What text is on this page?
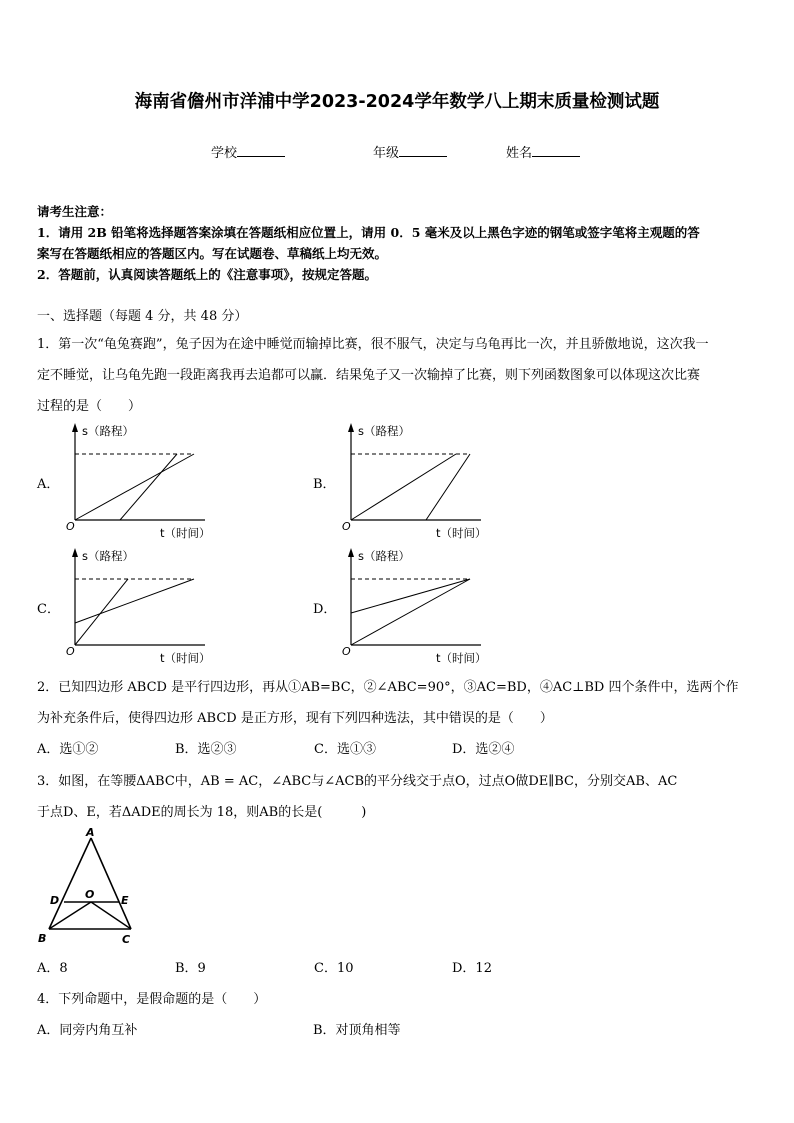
海南省儋州市洋浦中学2023-2024学年数学八上期末质量检测试题
学校	年级	姓名
请考生注意：
1．请用 2B 铅笔将选择题答案涂填在答题纸相应位置上，请用 0．5 毫米及以上黑色字迹的钢笔或签字笔将主观题的答
案写在答题纸相应的答题区内。写在试题卷、草稿纸上均无效。
2．答题前，认真阅读答题纸上的《注意事项》，按规定答题。
一、选择题（每题 4 分，共 48 分）
1．第一次“龟兔赛跑”，兔子因为在途中睡觉而输掉比赛，很不服气，决定与乌龟再比一次，并且骄傲地说，这次我一
定不睡觉，让乌龟先跑一段距离我再去追都可以赢．结果兔子又一次输掉了比赛，则下列函数图象可以体现这次比赛
过程的是（　　）
A．
O
s（路程）
t（时间）
B．
O
s（路程）
t（时间）
C．
O
s（路程）
t（时间）
D．
O
s（路程）
t（时间）
2．已知四边形 ABCD 是平行四边形，再从①AB=BC，②∠ABC=90°，③AC=BD，④AC⊥BD 四个条件中，选两个作
为补充条件后，使得四边形 ABCD 是正方形，现有下列四种选法，其中错误的是（　　）
A．选①②	B．选②③	C．选①③	D．选②④
3．如图，在等腰ΔABC中，AB = AC，∠ABC与∠ACB的平分线交于点O，过点O做DE∥BC，分别交AB、AC
于点D、E，若ΔADE的周长为 18，则AB的长是(　　　)
A
D O E
B	C
A．8	B．9	C．10	D．12
4．下列命题中，是假命题的是（　　）
A．同旁内角互补	B．对顶角相等
